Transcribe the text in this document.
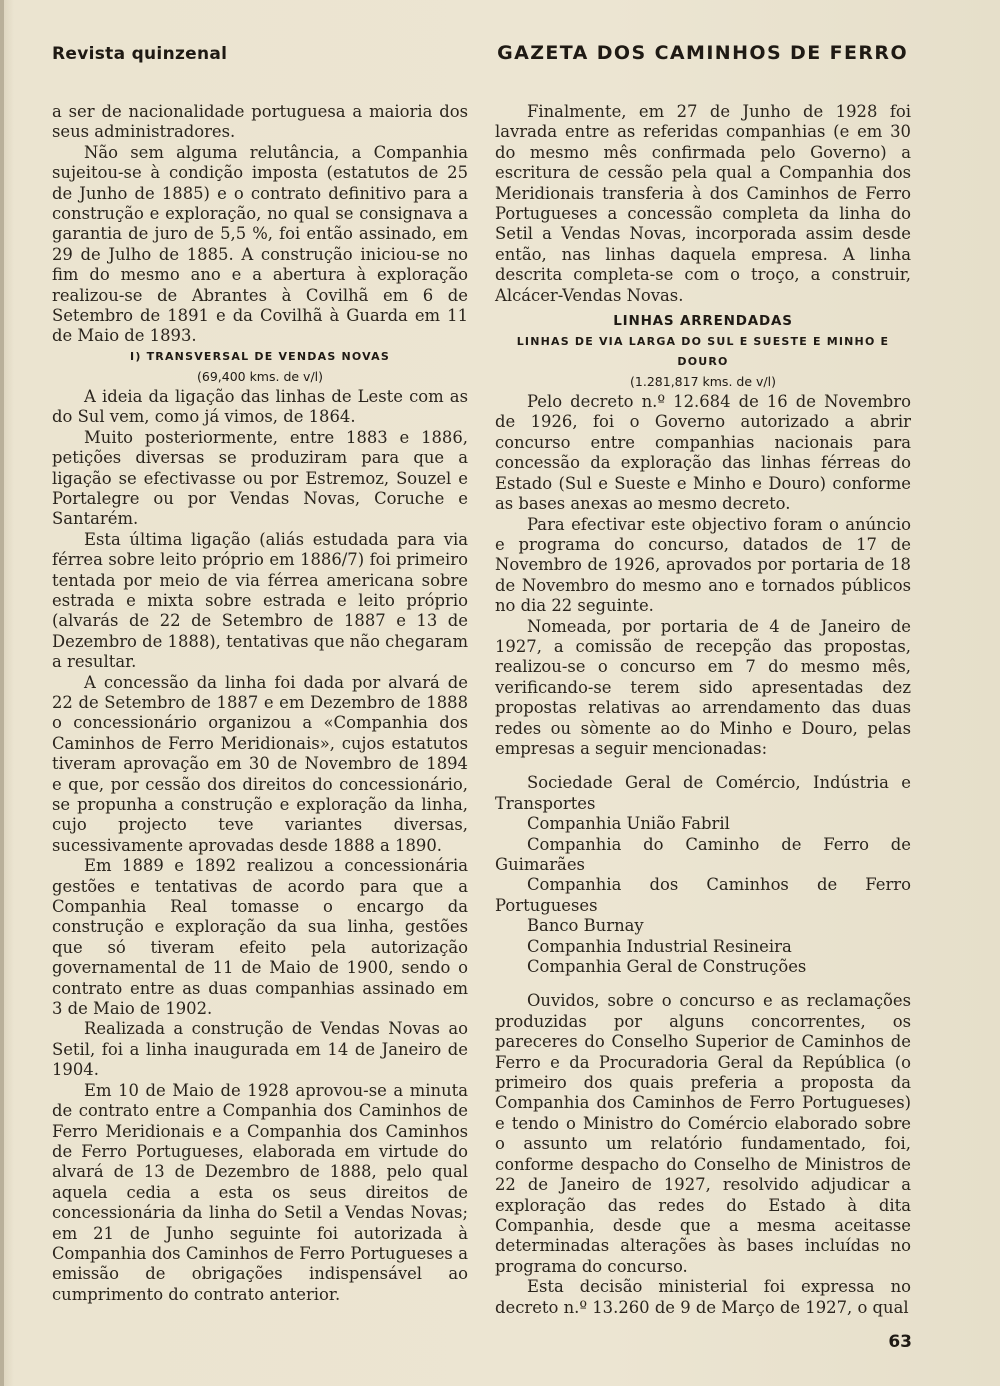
Revista quinzenal	GAZETA DOS CAMINHOS DE FERRO

a ser de nacionalidade portuguesa a maioria dos seus administradores.

Não sem alguma relutância, a Companhia sujeitou-se à condição imposta (estatutos de 25 de Junho de 1885) e o contrato definitivo para a construção e exploração, no qual se consignava a garantia de juro de 5,5 %, foi então assinado, em 29 de Julho de 1885. A construção iniciou-se no fim do mesmo ano e a abertura à exploração realizou-se de Abrantes à Covilhã em 6 de Setembro de 1891 e da Covilhã à Guarda em 11 de Maio de 1893.

I) TRANSVERSAL DE VENDAS NOVAS
(69,400 kms. de v/l)

A ideia da ligação das linhas de Leste com as do Sul vem, como já vimos, de 1864.

Muito posteriormente, entre 1883 e 1886, petições diversas se produziram para que a ligação se efectivasse ou por Estremoz, Souzel e Portalegre ou por Vendas Novas, Coruche e Santarém.

Esta última ligação (aliás estudada para via férrea sobre leito próprio em 1886/7) foi primeiro tentada por meio de via férrea americana sobre estrada e mixta sobre estrada e leito próprio (alvarás de 22 de Setembro de 1887 e 13 de Dezembro de 1888), tentativas que não chegaram a resultar.

A concessão da linha foi dada por alvará de 22 de Setembro de 1887 e em Dezembro de 1888 o concessionário organizou a «Companhia dos Caminhos de Ferro Meridionais», cujos estatutos tiveram aprovação em 30 de Novembro de 1894 e que, por cessão dos direitos do concessionário, se propunha a construção e exploração da linha, cujo projecto teve variantes diversas, sucessivamente aprovadas desde 1888 a 1890.

Em 1889 e 1892 realizou a concessionária gestões e tentativas de acordo para que a Companhia Real tomasse o encargo da construção e exploração da sua linha, gestões que só tiveram efeito pela autorização governamental de 11 de Maio de 1900, sendo o contrato entre as duas companhias assinado em 3 de Maio de 1902.

Realizada a construção de Vendas Novas ao Setil, foi a linha inaugurada em 14 de Janeiro de 1904.

Em 10 de Maio de 1928 aprovou-se a minuta de contrato entre a Companhia dos Caminhos de Ferro Meridionais e a Companhia dos Caminhos de Ferro Portugueses, elaborada em virtude do alvará de 13 de Dezembro de 1888, pelo qual aquela cedia a esta os seus direitos de concessionária da linha do Setil a Vendas Novas; em 21 de Junho seguinte foi autorizada à Companhia dos Caminhos de Ferro Portugueses a emissão de obrigações indispensável ao cumprimento do contrato anterior.

Finalmente, em 27 de Junho de 1928 foi lavrada entre as referidas companhias (e em 30 do mesmo mês confirmada pelo Governo) a escritura de cessão pela qual a Companhia dos Meridionais transferia à dos Caminhos de Ferro Portugueses a concessão completa da linha do Setil a Vendas Novas, incorporada assim desde então, nas linhas daquela empresa. A linha descrita completa-se com o troço, a construir, Alcácer-Vendas Novas.

LINHAS ARRENDADAS
LINHAS DE VIA LARGA DO SUL E SUESTE E MINHO E DOURO
(1.281,817 kms. de v/l)

Pelo decreto n.º 12.684 de 16 de Novembro de 1926, foi o Governo autorizado a abrir concurso entre companhias nacionais para concessão da exploração das linhas férreas do Estado (Sul e Sueste e Minho e Douro) conforme as bases anexas ao mesmo decreto.

Para efectivar este objectivo foram o anúncio e programa do concurso, datados de 17 de Novembro de 1926, aprovados por portaria de 18 de Novembro do mesmo ano e tornados públicos no dia 22 seguinte.

Nomeada, por portaria de 4 de Janeiro de 1927, a comissão de recepção das propostas, realizou-se o concurso em 7 do mesmo mês, verificando-se terem sido apresentadas dez propostas relativas ao arrendamento das duas redes ou sòmente ao do Minho e Douro, pelas empresas a seguir mencionadas:

Sociedade Geral de Comércio, Indústria e Transportes
Companhia União Fabril
Companhia do Caminho de Ferro de Guimarães
Companhia dos Caminhos de Ferro Portugueses
Banco Burnay
Companhia Industrial Resineira
Companhia Geral de Construções

Ouvidos, sobre o concurso e as reclamações produzidas por alguns concorrentes, os pareceres do Conselho Superior de Caminhos de Ferro e da Procuradoria Geral da República (o primeiro dos quais preferia a proposta da Companhia dos Caminhos de Ferro Portugueses) e tendo o Ministro do Comércio elaborado sobre o assunto um relatório fundamentado, foi, conforme despacho do Conselho de Ministros de 22 de Janeiro de 1927, resolvido adjudicar a exploração das redes do Estado à dita Companhia, desde que a mesma aceitasse determinadas alterações às bases incluídas no programa do concurso.

Esta decisão ministerial foi expressa no decreto n.º 13.260 de 9 de Março de 1927, o qual

63
